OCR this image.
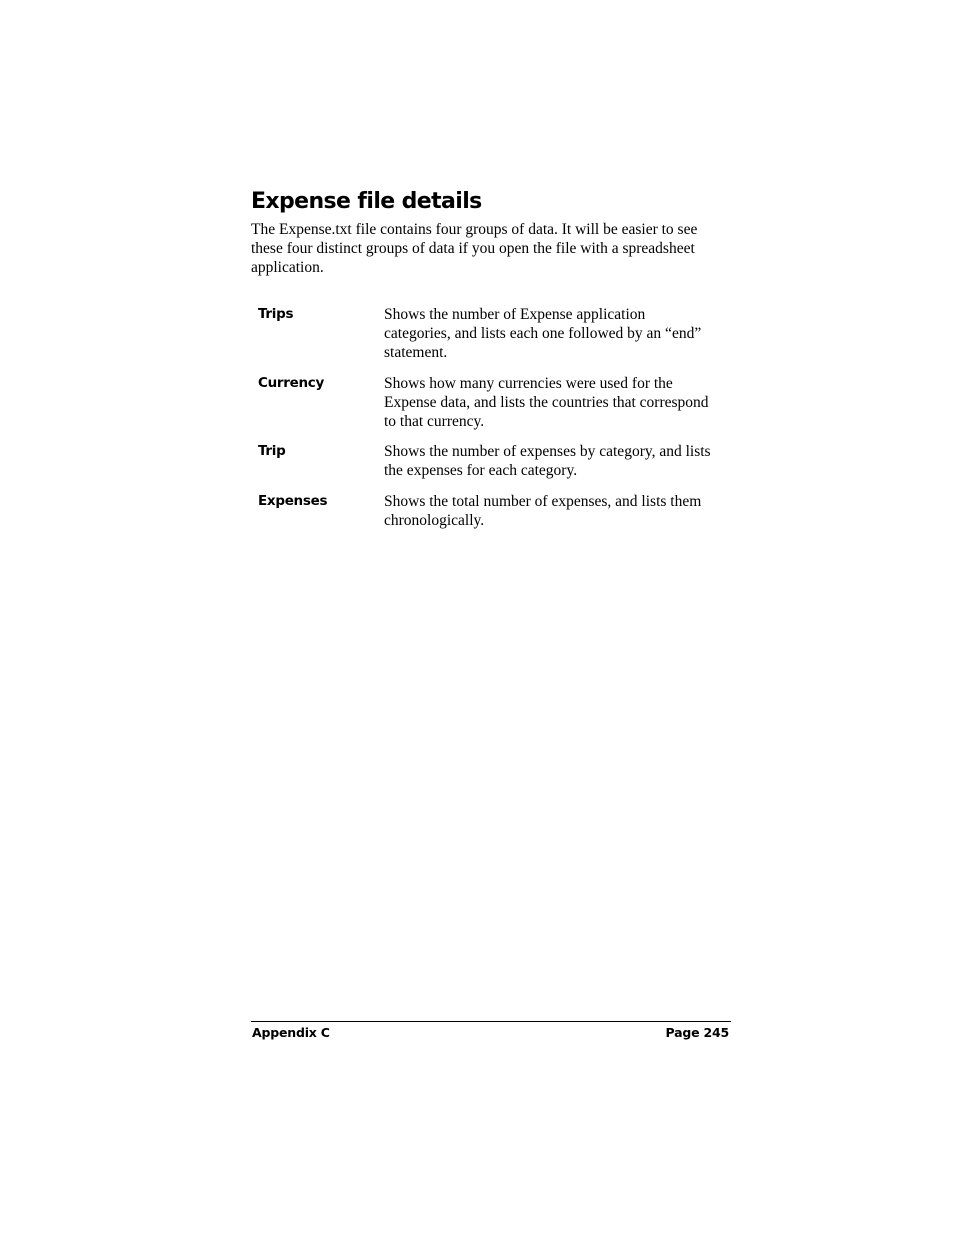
Expense file details

The Expense.txt file contains four groups of data. It will be easier to see these four distinct groups of data if you open the file with a spreadsheet application.

Trips	Shows the number of Expense application categories, and lists each one followed by an “end” statement.
Currency	Shows how many currencies were used for the Expense data, and lists the countries that correspond to that currency.
Trip	Shows the number of expenses by category, and lists the expenses for each category.
Expenses	Shows the total number of expenses, and lists them chronologically.
Appendix C	Page 245
